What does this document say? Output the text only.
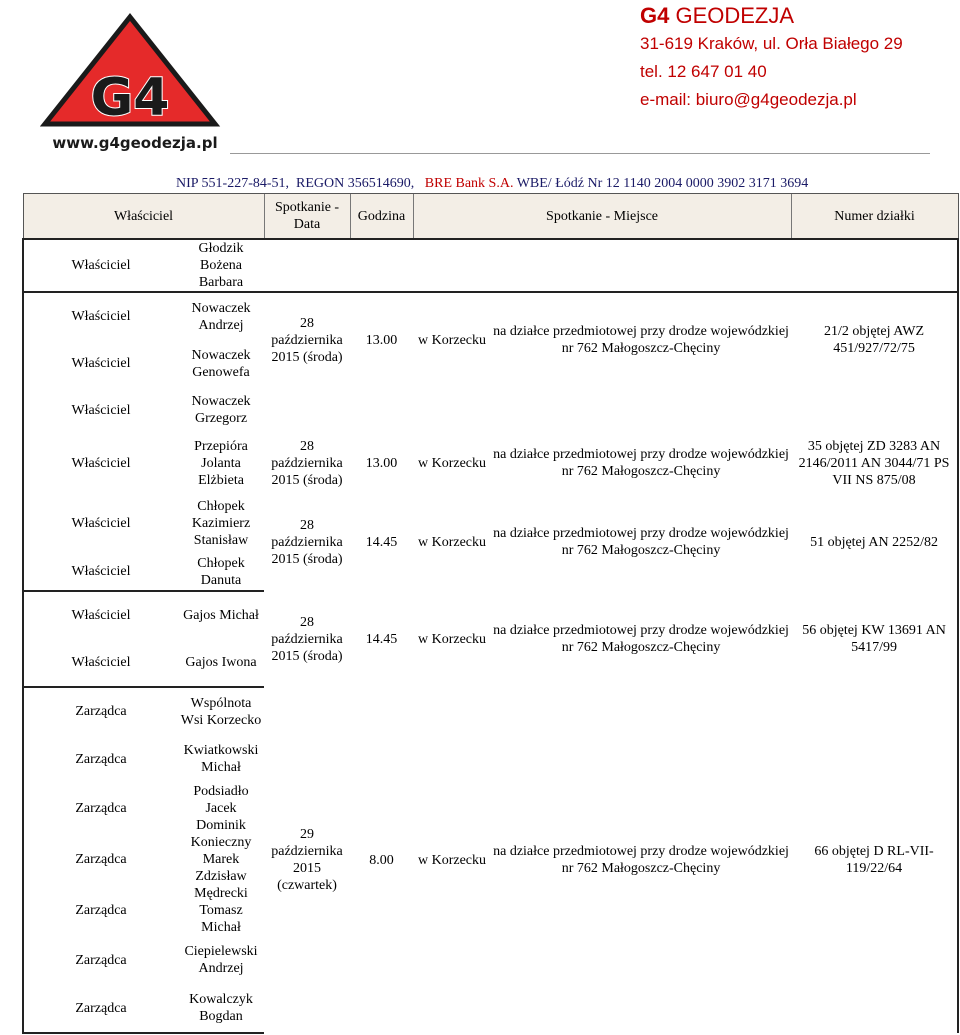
G4
www.g4geodezja.pl
G4 GEODEZJA
31-619 Kraków, ul. Orła Białego 29
tel. 12 647 01 40
e-mail: biuro@g4geodezja.pl
NIP 551-227-84-51, REGON 356514690, BRE Bank S.A. WBE/ Łódź Nr 12 1140 2004 0000 3902 3171 3694
Właściciel		Spotkanie - Data	Godzina	Spotkanie - Miejsce		Numer działki
Właściciel	Głodzik Bożena Barbara					
Właściciel	Nowaczek Andrzej	28 października 2015 (środa)	13.00	w Korzecku	na działce przedmiotowej przy drodze wojewódzkiej nr 762 Małogoszcz-Chęciny	21/2 objętej AWZ 451/927/72/75
Właściciel	Nowaczek Genowefa					
Właściciel	Nowaczek Grzegorz					
Właściciel	Przepióra Jolanta Elżbieta	28 października 2015 (środa)	13.00	w Korzecku	na działce przedmiotowej przy drodze wojewódzkiej nr 762 Małogoszcz-Chęciny	35 objętej ZD 3283 AN 2146/2011 AN 3044/71 PS VII NS 875/08
Właściciel	Chłopek Kazimierz Stanisław	28 października 2015 (środa)	14.45	w Korzecku	na działce przedmiotowej przy drodze wojewódzkiej nr 762 Małogoszcz-Chęciny	51 objętej AN 2252/82
Właściciel	Chłopek Danuta					
Właściciel	Gajos Michał	28 października 2015 (środa)	14.45	w Korzecku	na działce przedmiotowej przy drodze wojewódzkiej nr 762 Małogoszcz-Chęciny	56 objętej KW 13691 AN 5417/99
Właściciel	Gajos Iwona					
Zarządca	Wspólnota Wsi Korzecko	29 października 2015 (czwartek)	8.00	w Korzecku	na działce przedmiotowej przy drodze wojewódzkiej nr 762 Małogoszcz-Chęciny	66 objętej D RL-VII-119/22/64
Zarządca	Kwiatkowski Michał					
Zarządca	Podsiadło Jacek Dominik					
Zarządca	Konieczny Marek Zdzisław					
Zarządca	Mędrecki Tomasz Michał					
Zarządca	Ciepielewski Andrzej					
Zarządca	Kowalczyk Bogdan					
